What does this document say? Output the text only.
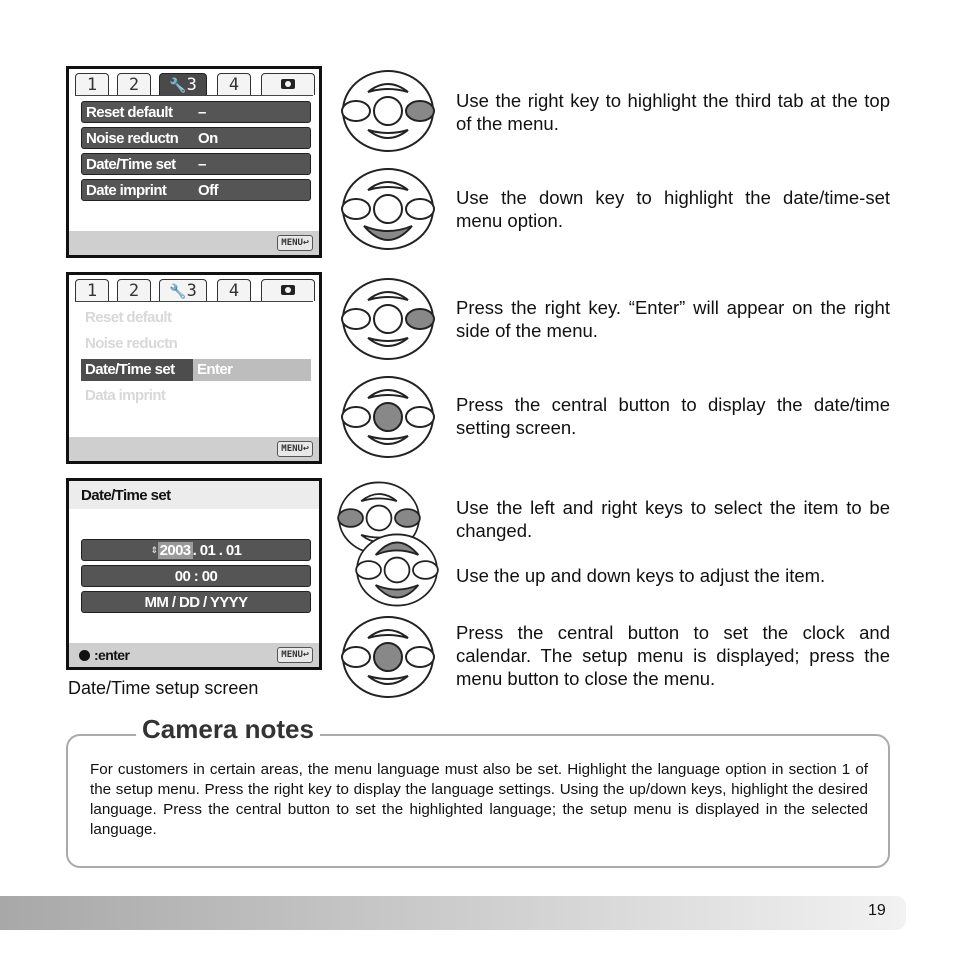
1	2	🔧3	4
Reset default –
Noise reductn On
Date/Time set –
Date imprint Off
MENU↩
1	2	🔧3	4
Reset default
Noise reductn
Date/Time set Enter
Data imprint
MENU↩
Date/Time set
⇕ 2003 . 01 . 01
00 : 00
MM / DD / YYYY
:enter	MENU↩
Date/Time setup screen
Use the right key to highlight the third tab at the top of the menu.
Use the down key to highlight the date/time-set menu option.
Press the right key. “Enter” will appear on the right side of the menu.
Press the central button to display the date/time setting screen.
Use the left and right keys to select the item to be changed.
Use the up and down keys to adjust the item.
Press the central button to set the clock and calendar. The setup menu is displayed; press the menu button to close the menu.
Camera notes
For customers in certain areas, the menu language must also be set. Highlight the language option in section 1 of the setup menu. Press the right key to display the language settings. Using the up/down keys, highlight the desired language. Press the central button to set the highlighted language; the setup menu is displayed in the selected language.
19
